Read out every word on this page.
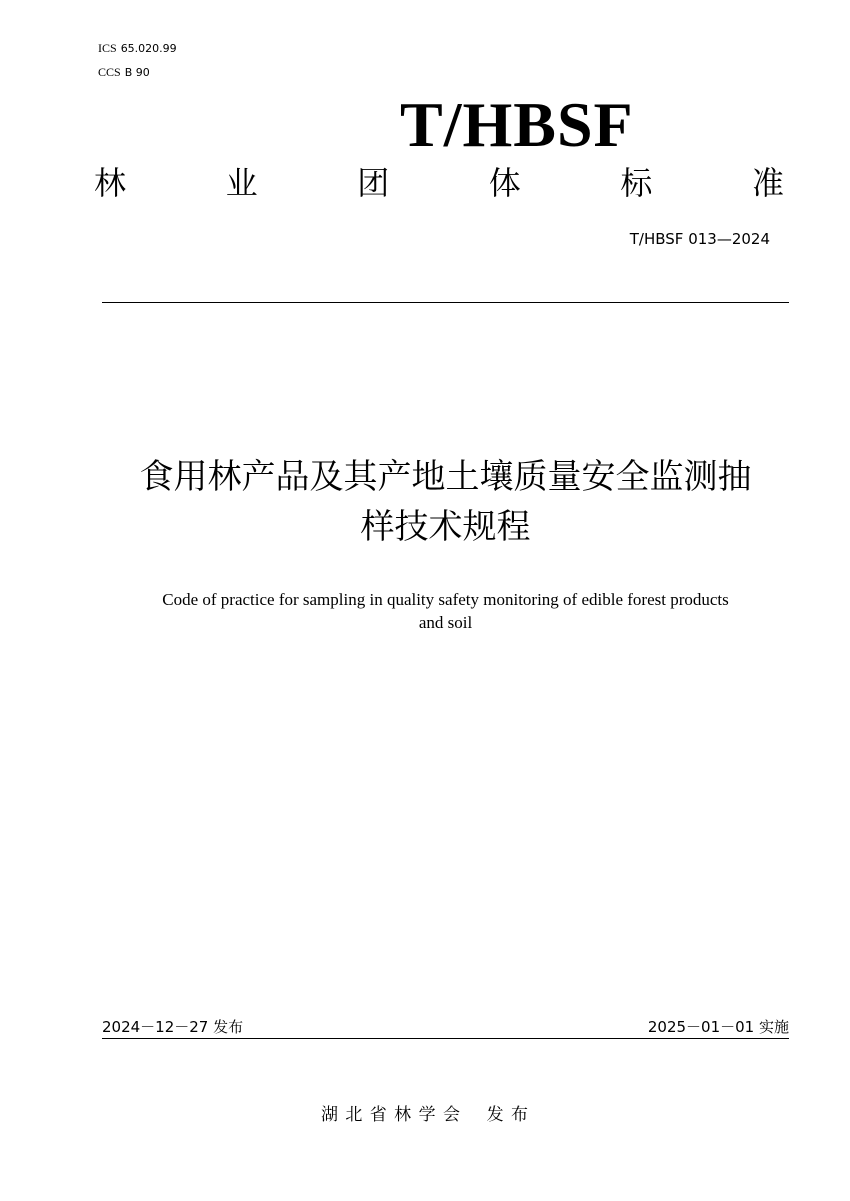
ICS 65.020.99
CCS B 90
T/HBSF
林	业	团	体	标	准
T/HBSF 013—2024
食用林产品及其产地土壤质量安全监测抽
样技术规程
Code of practice for sampling in quality safety monitoring of edible forest products
and soil
2024－12－27 发布	2025－01－01 实施
湖 北 省 林 学 会    发 布
